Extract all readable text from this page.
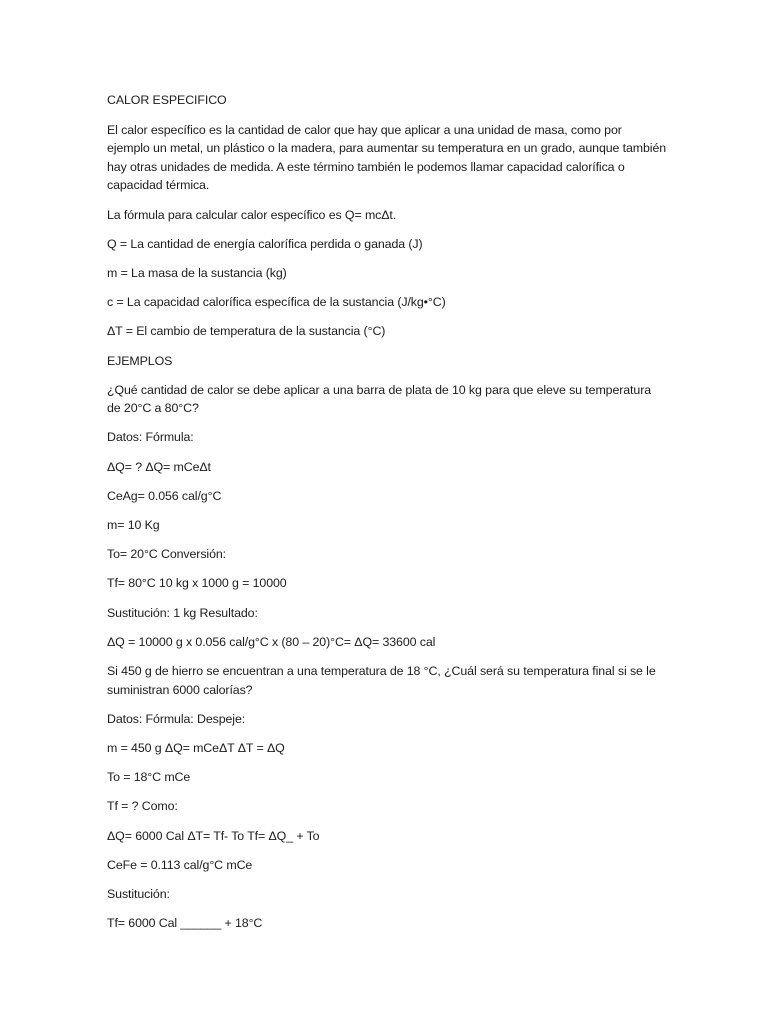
CALOR ESPECIFICO

El calor específico es la cantidad de calor que hay que aplicar a una unidad de masa, como por ejemplo un metal, un plástico o la madera, para aumentar su temperatura en un grado, aunque también hay otras unidades de medida. A este término también le podemos llamar capacidad calorífica o capacidad térmica.

La fórmula para calcular calor específico es Q= mcΔt.

Q = La cantidad de energía calorífica perdida o ganada (J)

m = La masa de la sustancia (kg)

c = La capacidad calorífica específica de la sustancia (J/kg•°C)

ΔT = El cambio de temperatura de la sustancia (°C)

EJEMPLOS

¿Qué cantidad de calor se debe aplicar a una barra de plata de 10 kg para que eleve su temperatura de 20°C a 80°C?

Datos: Fórmula:

ΔQ= ? ΔQ= mCeΔt

CeAg= 0.056 cal/g°C

m= 10 Kg

To= 20°C Conversión:

Tf= 80°C 10 kg x 1000 g = 10000

Sustitución: 1 kg Resultado:

ΔQ = 10000 g x 0.056 cal/g°C x (80 – 20)°C= ΔQ= 33600 cal

Si 450 g de hierro se encuentran a una temperatura de 18 °C, ¿Cuál será su temperatura final si se le suministran 6000 calorías?

Datos: Fórmula: Despeje:

m = 450 g ΔQ= mCeΔT ΔT = ΔQ

To = 18°C mCe

Tf = ? Como:

ΔQ= 6000 Cal ΔT= Tf- To Tf= ΔQ_ + To

CeFe = 0.113 cal/g°C mCe

Sustitución:

Tf= 6000 Cal ______ + 18°C
